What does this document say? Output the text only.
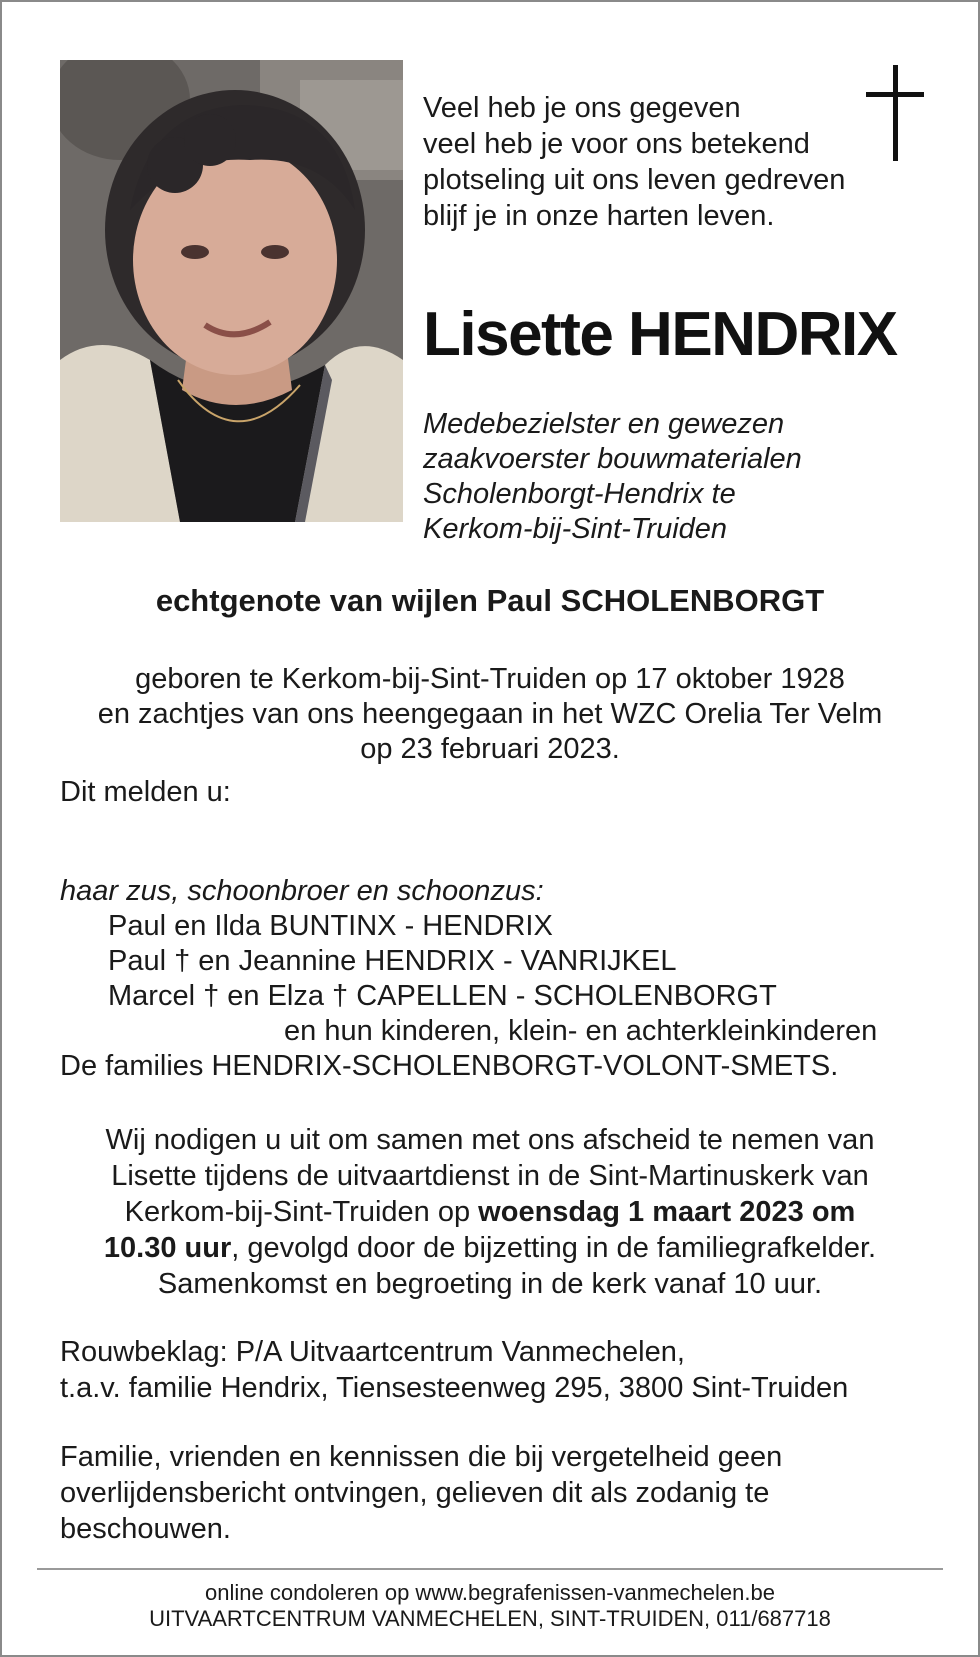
Veel heb je ons gegeven
veel heb je voor ons betekend
plotseling uit ons leven gedreven
blijf je in onze harten leven.
Lisette HENDRIX
Medebezielster en gewezen
zaakvoerster bouwmaterialen
Scholenborgt-Hendrix te
Kerkom-bij-Sint-Truiden
echtgenote van wijlen Paul SCHOLENBORGT
geboren te Kerkom-bij-Sint-Truiden op 17 oktober 1928
en zachtjes van ons heengegaan in het WZC Orelia Ter Velm
op 23 februari 2023.
Dit melden u:
haar zus, schoonbroer en schoonzus:
Paul en Ilda BUNTINX - HENDRIX
Paul † en Jeannine HENDRIX - VANRIJKEL
Marcel † en Elza † CAPELLEN - SCHOLENBORGT
en hun kinderen, klein- en achterkleinkinderen
De families HENDRIX-SCHOLENBORGT-VOLONT-SMETS.
Wij nodigen u uit om samen met ons afscheid te nemen van
Lisette tijdens de uitvaartdienst in de Sint-Martinuskerk van
Kerkom-bij-Sint-Truiden op woensdag 1 maart 2023 om
10.30 uur, gevolgd door de bijzetting in de familiegrafkelder.
Samenkomst en begroeting in de kerk vanaf 10 uur.
Rouwbeklag: P/A Uitvaartcentrum Vanmechelen,
t.a.v. familie Hendrix, Tiensesteenweg 295, 3800 Sint-Truiden
Familie, vrienden en kennissen die bij vergetelheid geen
overlijdensbericht ontvingen, gelieven dit als zodanig te
beschouwen.
online condoleren op www.begrafenissen-vanmechelen.be
UITVAARTCENTRUM VANMECHELEN, SINT-TRUIDEN, 011/687718
